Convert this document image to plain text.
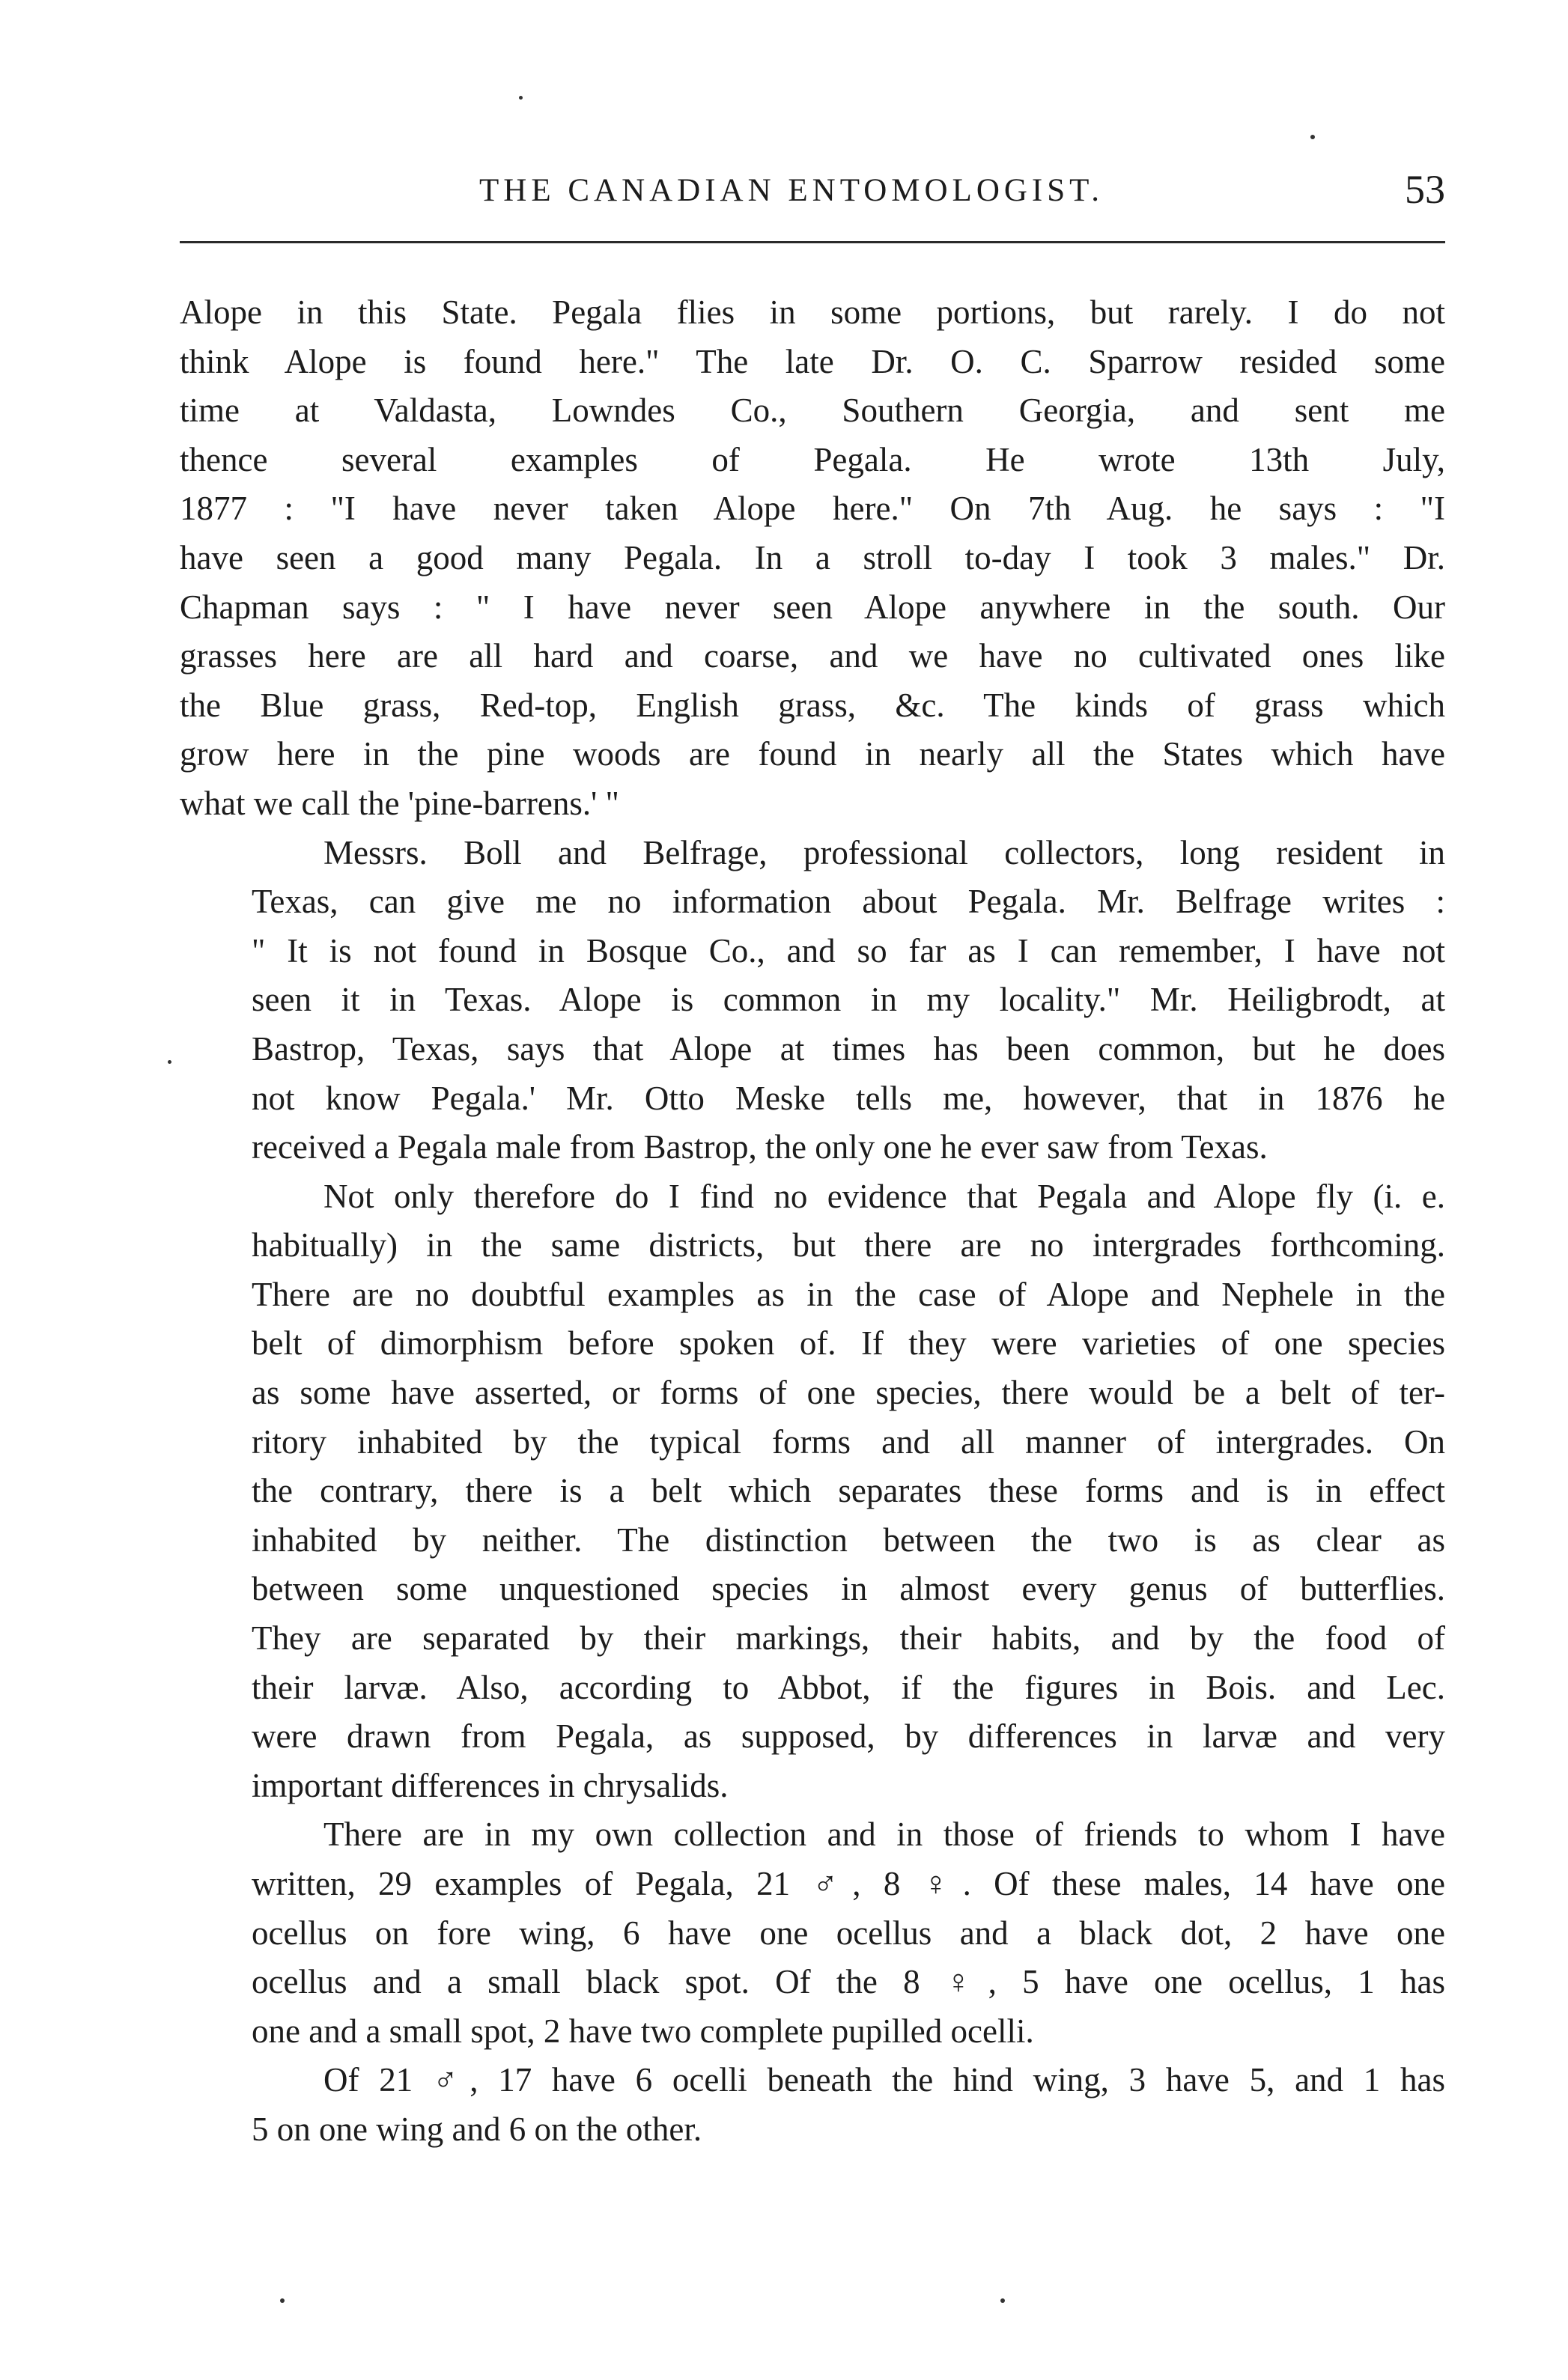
THE CANADIAN ENTOMOLOGIST.	53
Alope in this State. Pegala flies in some portions, but rarely. I do not
think Alope is found here." The late Dr. O. C. Sparrow resided some
time at Valdasta, Lowndes Co., Southern Georgia, and sent me
thence several examples of Pegala. He wrote 13th July,
1877 : "I have never taken Alope here." On 7th Aug. he says : "I
have seen a good many Pegala. In a stroll to-day I took 3 males." Dr.
Chapman says : " I have never seen Alope anywhere in the south. Our
grasses here are all hard and coarse, and we have no cultivated ones like
the Blue grass, Red-top, English grass, &c. The kinds of grass which
grow here in the pine woods are found in nearly all the States which have
what we call the 'pine-barrens.' "
Messrs. Boll and Belfrage, professional collectors, long resident in
Texas, can give me no information about Pegala. Mr. Belfrage writes :
" It is not found in Bosque Co., and so far as I can remember, I have not
seen it in Texas. Alope is common in my locality." Mr. Heiligbrodt, at
Bastrop, Texas, says that Alope at times has been common, but he does
not know Pegala.' Mr. Otto Meske tells me, however, that in 1876 he
received a Pegala male from Bastrop, the only one he ever saw from Texas.
Not only therefore do I find no evidence that Pegala and Alope fly (i. e.
habitually) in the same districts, but there are no intergrades forthcoming.
There are no doubtful examples as in the case of Alope and Nephele in the
belt of dimorphism before spoken of. If they were varieties of one species
as some have asserted, or forms of one species, there would be a belt of ter-
ritory inhabited by the typical forms and all manner of intergrades. On
the contrary, there is a belt which separates these forms and is in effect
inhabited by neither. The distinction between the two is as clear as
between some unquestioned species in almost every genus of butterflies.
They are separated by their markings, their habits, and by the food of
their larvæ. Also, according to Abbot, if the figures in Bois. and Lec.
were drawn from Pegala, as supposed, by differences in larvæ and very
important differences in chrysalids.
There are in my own collection and in those of friends to whom I have
written, 29 examples of Pegala, 21 ♂, 8 ♀. Of these males, 14 have one
ocellus on fore wing, 6 have one ocellus and a black dot, 2 have one
ocellus and a small black spot. Of the 8 ♀, 5 have one ocellus, 1 has
one and a small spot, 2 have two complete pupilled ocelli.
Of 21 ♂, 17 have 6 ocelli beneath the hind wing, 3 have 5, and 1 has
5 on one wing and 6 on the other.
